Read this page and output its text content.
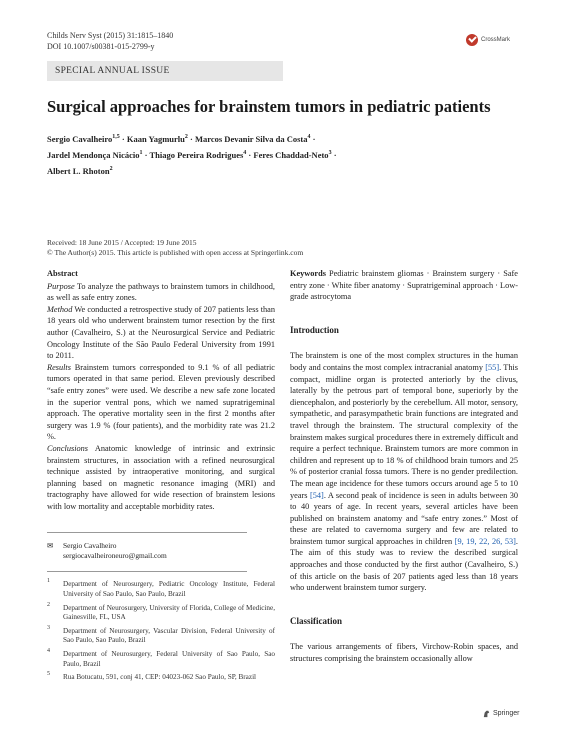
Childs Nerv Syst (2015) 31:1815–1840
DOI 10.1007/s00381-015-2799-y
CrossMark
SPECIAL ANNUAL ISSUE
Surgical approaches for brainstem tumors in pediatric patients
Sergio Cavalheiro$^{1,5}$ · Kaan Yagmurlu$^2$ · Marcos Devanir Silva da Costa$^4$ ·
Jardel Mendonça Nicácio$^1$ · Thiago Pereira Rodrigues$^4$ · Feres Chaddad-Neto$^3$ ·
Albert L. Rhoton$^2$
Received: 18 June 2015 / Accepted: 19 June 2015
© The Author(s) 2015. This article is published with open access at Springerlink.com

Abstract

Purpose To analyze the pathways to brainstem tumors in childhood, as well as safe entry zones.

Method We conducted a retrospective study of 207 patients less than 18 years old who underwent brainstem tumor resection by the first author (Cavalheiro, S.) at the Neurosurgical Service and Pediatric Oncology Institute of the São Paulo Federal University from 1991 to 2011.

Results Brainstem tumors corresponded to 9.1 % of all pediatric tumors operated in that same period. Eleven previously described “safe entry zones” were used. We describe a new safe zone located in the superior ventral pons, which we named supratrigeminal approach. The operative mortality seen in the first 2 months after surgery was 1.9 % (four patients), and the morbidity rate was 21.2 %.

Conclusions Anatomic knowledge of intrinsic and extrinsic brainstem structures, in association with a refined neurosurgical technique assisted by intraoperative monitoring, and surgical planning based on magnetic resonance imaging (MRI) and tractography have allowed for wide resection of brainstem lesions with low mortality and acceptable morbidity rates.

✉ Sergio Cavalheiro
sergiocavalheironeuro@gmail.com

1 Department of Neurosurgery, Pediatric Oncology Institute, Federal University of Sao Paulo, Sao Paulo, Brazil

2 Department of Neurosurgery, University of Florida, College of Medicine, Gainesville, FL, USA

3 Department of Neurosurgery, Vascular Division, Federal University of Sao Paulo, Sao Paulo, Brazil

4 Department of Neurosurgery, Federal University of Sao Paulo, Sao Paulo, Brazil

5 Rua Botucatu, 591, conj 41, CEP: 04023-062 Sao Paulo, SP, Brazil

Keywords Pediatric brainstem gliomas · Brainstem surgery · Safe entry zone · White fiber anatomy · Supratrigeminal approach · Low-grade astrocytoma

Introduction

The brainstem is one of the most complex structures in the human body and contains the most complex intracranial anatomy [55]. This compact, midline organ is protected anteriorly by the clivus, laterally by the petrous part of temporal bone, superiorly by the diencephalon, and posteriorly by the cerebellum. All motor, sensory, sympathetic, and parasympathetic brain functions are integrated and travel through the brainstem. The structural complexity of the brainstem makes surgical procedures there in extremely difficult and require a perfect technique. Brainstem tumors are more common in children and represent up to 18 % of childhood brain tumors and 25 % of posterior cranial fossa tumors. There is no gender predilection. The mean age incidence for these tumors occurs around age 5 to 10 years [54]. A second peak of incidence is seen in adults between 30 to 40 years of age. In recent years, several articles have been published on brainstem anatomy and “safe entry zones.” Most of these are related to cavernoma surgery and few are related to brainstem tumor surgical approaches in children [9, 19, 22, 26, 53]. The aim of this study was to review the described surgical approaches and those conducted by the first author (Cavalheiro, S.) of this article on the basis of 207 patients aged less than 18 years who underwent brainstem tumor surgery.

Classification

The various arrangements of fibers, Virchow-Robin spaces, and structures comprising the brainstem occasionally allow

Springer
